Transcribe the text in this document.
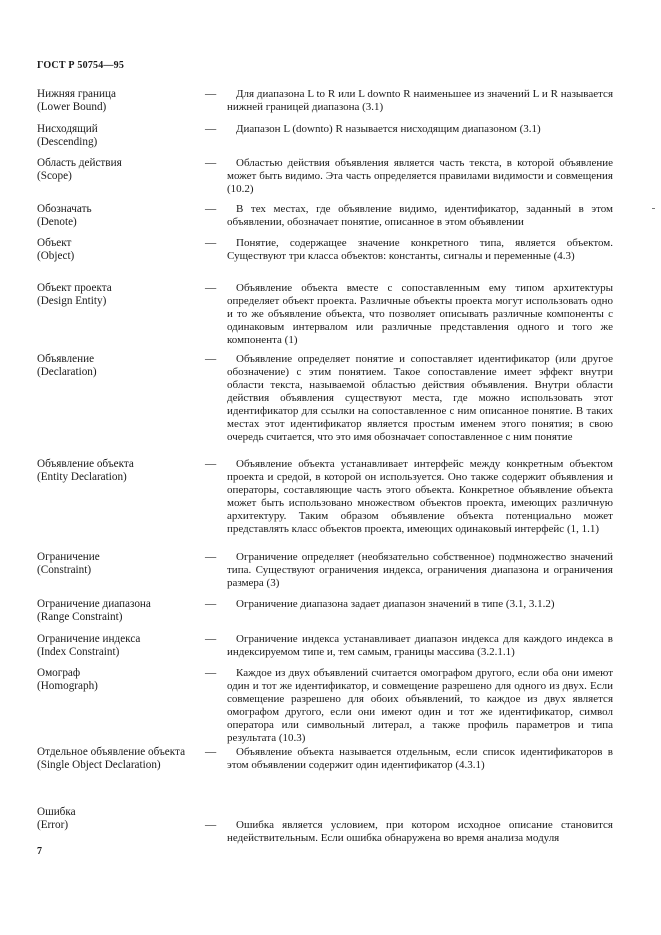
ГОСТ Р 50754—95
Нижняя граница
(Lower Bound)
—	Для диапазона L to R или L downto R наименьшее из значений L и R называется нижней границей диапазона (3.1)
Нисходящий
(Descending)
—	Диапазон L (downto) R называется нисходящим диапазоном (3.1)
Область действия
(Scope)
—	Областью действия объявления является часть текста, в которой объявление может быть видимо. Эта часть определяется правилами видимости и совмещения (10.2)
Обозначать
(Denote)
—	В тех местах, где объявление видимо, идентификатор, заданный в этом объявлении, обозначает понятие, описанное в этом объявлении
Объект
(Object)
—	Понятие, содержащее значение конкретного типа, является объектом. Существуют три класса объектов: константы, сигналы и переменные (4.3)
Объект проекта
(Design Entity)
—	Объявление объекта вместе с сопоставленным ему типом архитектуры определяет объект проекта. Различные объекты проекта могут использовать одно и то же объявление объекта, что позволяет описывать различные компоненты с одинаковым интервалом или различные представления одного и того же компонента (1)
Объявление
(Declaration)
—	Объявление определяет понятие и сопоставляет идентификатор (или другое обозначение) с этим понятием. Такое сопоставление имеет эффект внутри области текста, называемой областью действия объявления. Внутри области действия объявления существуют места, где можно использовать этот идентификатор для ссылки на сопоставленное с ним описанное понятие. В таких местах этот идентификатор является простым именем этого понятия; в свою очередь считается, что это имя обозначает сопоставленное с ним понятие
Объявление объекта
(Entity Declaration)
—	Объявление объекта устанавливает интерфейс между конкретным объектом проекта и средой, в которой он используется. Оно также содержит объявления и операторы, составляющие часть этого объекта. Конкретное объявление объекта может быть использовано множеством объектов проекта, имеющих различную архитектуру. Таким образом объявление объекта потенциально может представлять класс объектов проекта, имеющих одинаковый интерфейс (1, 1.1)
Ограничение
(Constraint)
—	Ограничение определяет (необязательно собственное) подмножество значений типа. Существуют ограничения индекса, ограничения диапазона и ограничения размера (3)
Ограничение диапазона
(Range Constraint)
—	Ограничение диапазона задает диапазон значений в типе (3.1, 3.1.2)
Ограничение индекса
(Index Constraint)
—	Ограничение индекса устанавливает диапазон индекса для каждого индекса в индексируемом типе и, тем самым, границы массива (3.2.1.1)
Омограф
(Homograph)
—	Каждое из двух объявлений считается омографом другого, если оба они имеют один и тот же идентификатор, и совмещение разрешено для одного из двух. Если совмещение разрешено для обоих объявлений, то каждое из двух является омографом другого, если они имеют один и тот же идентификатор, символ оператора или символьный литерал, а также профиль параметров и типа результата (10.3)
Отдельное объявление объекта
(Single Object Declaration)
—	Объявление объекта называется отдельным, если список идентификаторов в этом объявлении содержит один идентификатор (4.3.1)
Ошибка
(Error)	—	Ошибка является условием, при котором исходное описание становится недействительным. Если ошибка обнаружена во время анализа модуля
7
